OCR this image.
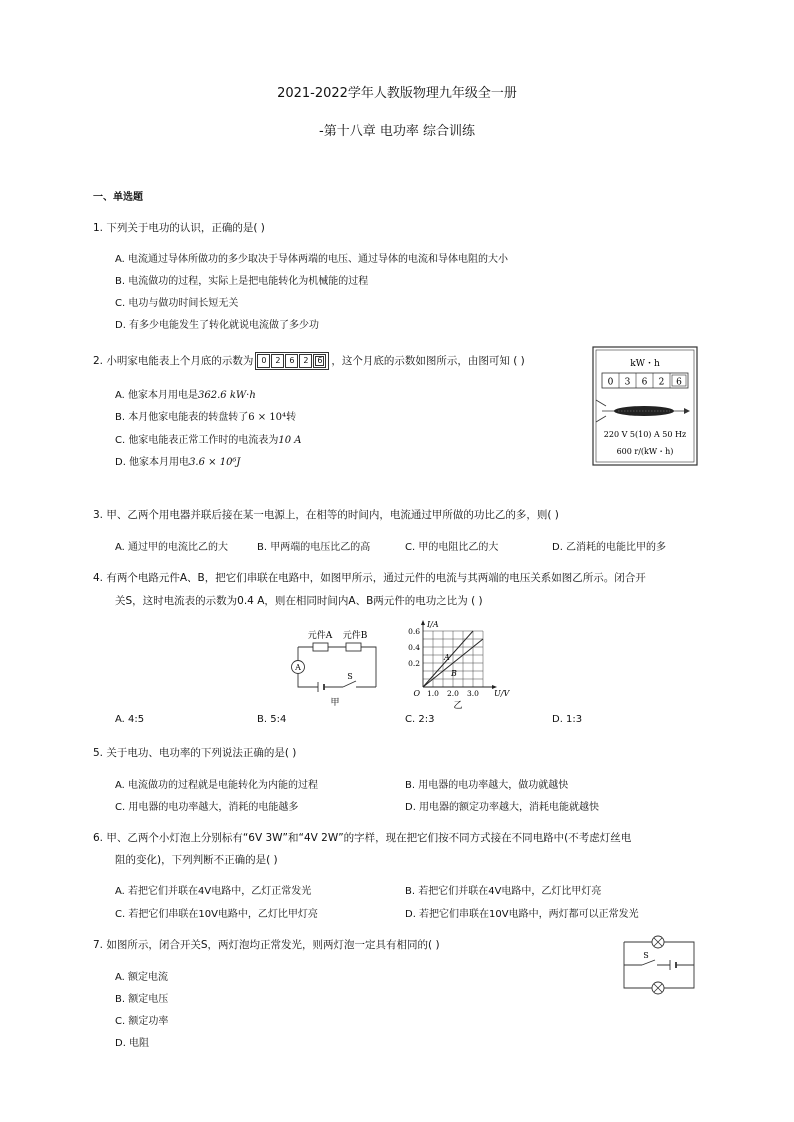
2021-2022学年人教版物理九年级全一册
-第十八章 电功率 综合训练
一、单选题
1. 下列关于电功的认识，正确的是( )
A. 电流通过导体所做功的多少取决于导体两端的电压、通过导体的电流和导体电阻的大小
B. 电流做功的过程，实际上是把电能转化为机械能的过程
C. 电功与做功时间长短无关
D. 有多少电能发生了转化就说电流做了多少功
2. 小明家电能表上个月底的示数为 0 2 6 2 6 ，这个月底的示数如图所示，由图可知 ( )
A. 他家本月用电是362.6 kW·h
B. 本月他家电能表的转盘转了6 × 10⁴转
C. 他家电能表正常工作时的电流表为10 A
D. 他家本月用电3.6 × 10⁶J
kW・h
0 3 6 2 6
220 V 5(10) A 50 Hz
600 r/(kW・h)
3. 甲、乙两个用电器并联后接在某一电源上，在相等的时间内，电流通过甲所做的功比乙的多，则( )
A. 通过甲的电流比乙的大	B. 甲两端的电压比乙的高	C. 甲的电阻比乙的大	D. 乙消耗的电能比甲的多
4. 有两个电路元件A、B，把它们串联在电路中，如图甲所示，通过元件的电流与其两端的电压关系如图乙所示。闭合开
关S，这时电流表的示数为0.4 A，则在相同时间内A、B两元件的电功之比为 ( )
元件A 元件B
A
S
甲
I/A
U/V
O
0.6
0.4
0.2
1.0 2.0 3.0
A
B
乙
A. 4:5	B. 5:4	C. 2:3	D. 1:3
5. 关于电功、电功率的下列说法正确的是( )
A. 电流做功的过程就是电能转化为内能的过程	B. 用电器的电功率越大，做功就越快
C. 用电器的电功率越大，消耗的电能越多	D. 用电器的额定功率越大，消耗电能就越快
6. 甲、乙两个小灯泡上分别标有“6V 3W”和“4V 2W”的字样，现在把它们按不同方式接在不同电路中(不考虑灯丝电
阻的变化)，下列判断不正确的是( )
A. 若把它们并联在4V电路中，乙灯正常发光	B. 若把它们并联在4V电路中，乙灯比甲灯亮
C. 若把它们串联在10V电路中，乙灯比甲灯亮	D. 若把它们串联在10V电路中，两灯都可以正常发光
7. 如图所示，闭合开关S，两灯泡均正常发光，则两灯泡一定具有相同的( )
A. 额定电流
B. 额定电压
C. 额定功率
D. 电阻
S
